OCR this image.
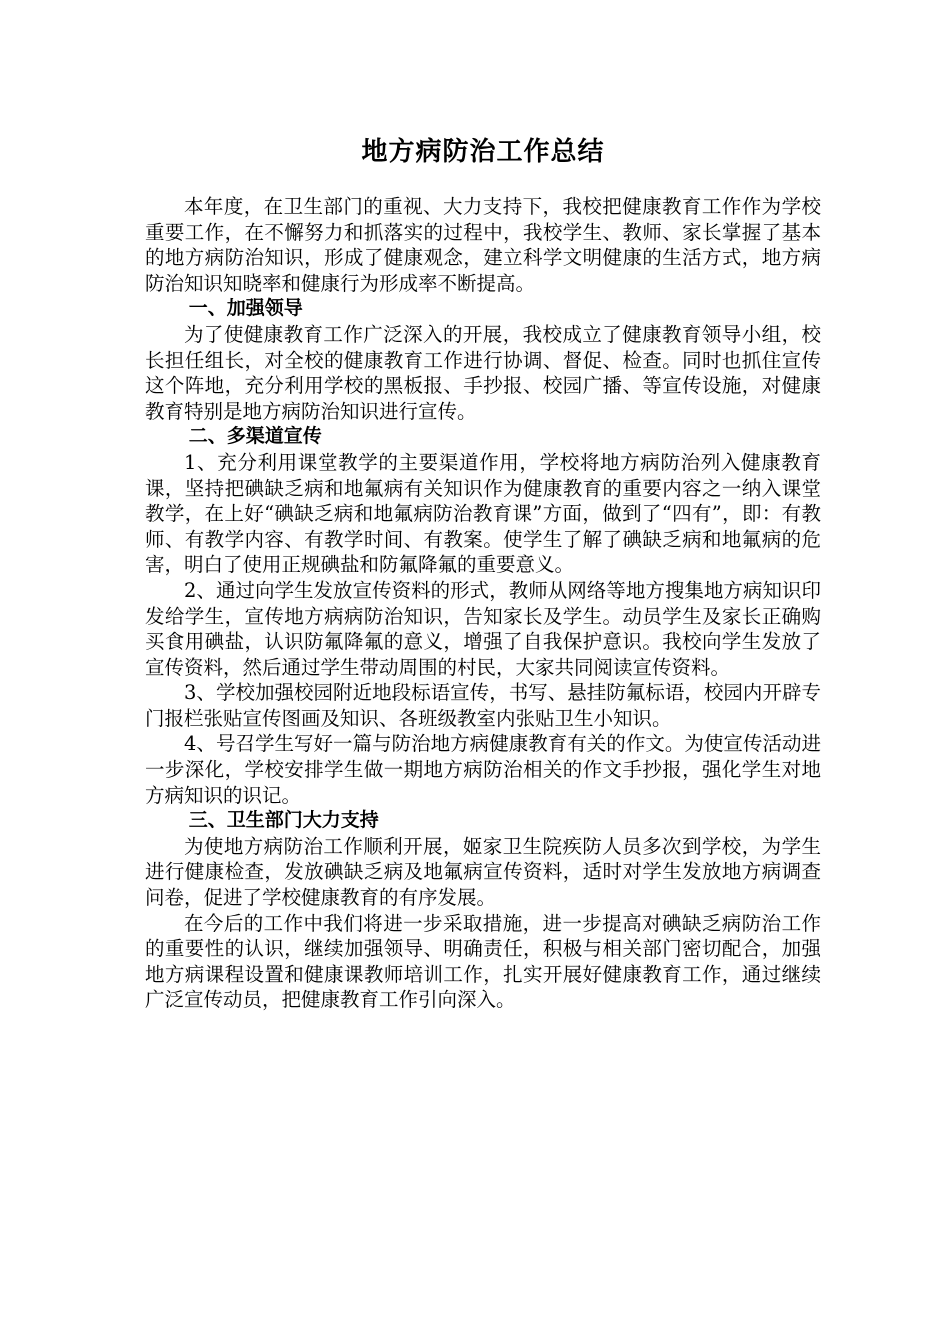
地方病防治工作总结

本年度，在卫生部门的重视、大力支持下，我校把健康教育工作作为学校重要工作，在不懈努力和抓落实的过程中，我校学生、教师、家长掌握了基本的地方病防治知识，形成了健康观念，建立科学文明健康的生活方式，地方病防治知识知晓率和健康行为形成率不断提高。

一、加强领导

为了使健康教育工作广泛深入的开展，我校成立了健康教育领导小组，校长担任组长，对全校的健康教育工作进行协调、督促、检查。同时也抓住宣传这个阵地，充分利用学校的黑板报、手抄报、校园广播、等宣传设施，对健康教育特别是地方病防治知识进行宣传。

二、多渠道宣传

1、充分利用课堂教学的主要渠道作用，学校将地方病防治列入健康教育课，坚持把碘缺乏病和地氟病有关知识作为健康教育的重要内容之一纳入课堂教学，在上好“碘缺乏病和地氟病防治教育课”方面，做到了“四有”，即：有教师、有教学内容、有教学时间、有教案。使学生了解了碘缺乏病和地氟病的危害，明白了使用正规碘盐和防氟降氟的重要意义。

2、通过向学生发放宣传资料的形式，教师从网络等地方搜集地方病知识印发给学生，宣传地方病病防治知识，告知家长及学生。动员学生及家长正确购买食用碘盐，认识防氟降氟的意义，增强了自我保护意识。我校向学生发放了宣传资料，然后通过学生带动周围的村民，大家共同阅读宣传资料。

3、学校加强校园附近地段标语宣传，书写、悬挂防氟标语，校园内开辟专门报栏张贴宣传图画及知识、各班级教室内张贴卫生小知识。

4、号召学生写好一篇与防治地方病健康教育有关的作文。为使宣传活动进一步深化，学校安排学生做一期地方病防治相关的作文手抄报，强化学生对地方病知识的识记。

三、卫生部门大力支持

为使地方病防治工作顺利开展，姬家卫生院疾防人员多次到学校，为学生进行健康检查，发放碘缺乏病及地氟病宣传资料，适时对学生发放地方病调查问卷，促进了学校健康教育的有序发展。

在今后的工作中我们将进一步采取措施，进一步提高对碘缺乏病防治工作的重要性的认识，继续加强领导、明确责任，积极与相关部门密切配合，加强地方病课程设置和健康课教师培训工作，扎实开展好健康教育工作，通过继续广泛宣传动员，把健康教育工作引向深入。
